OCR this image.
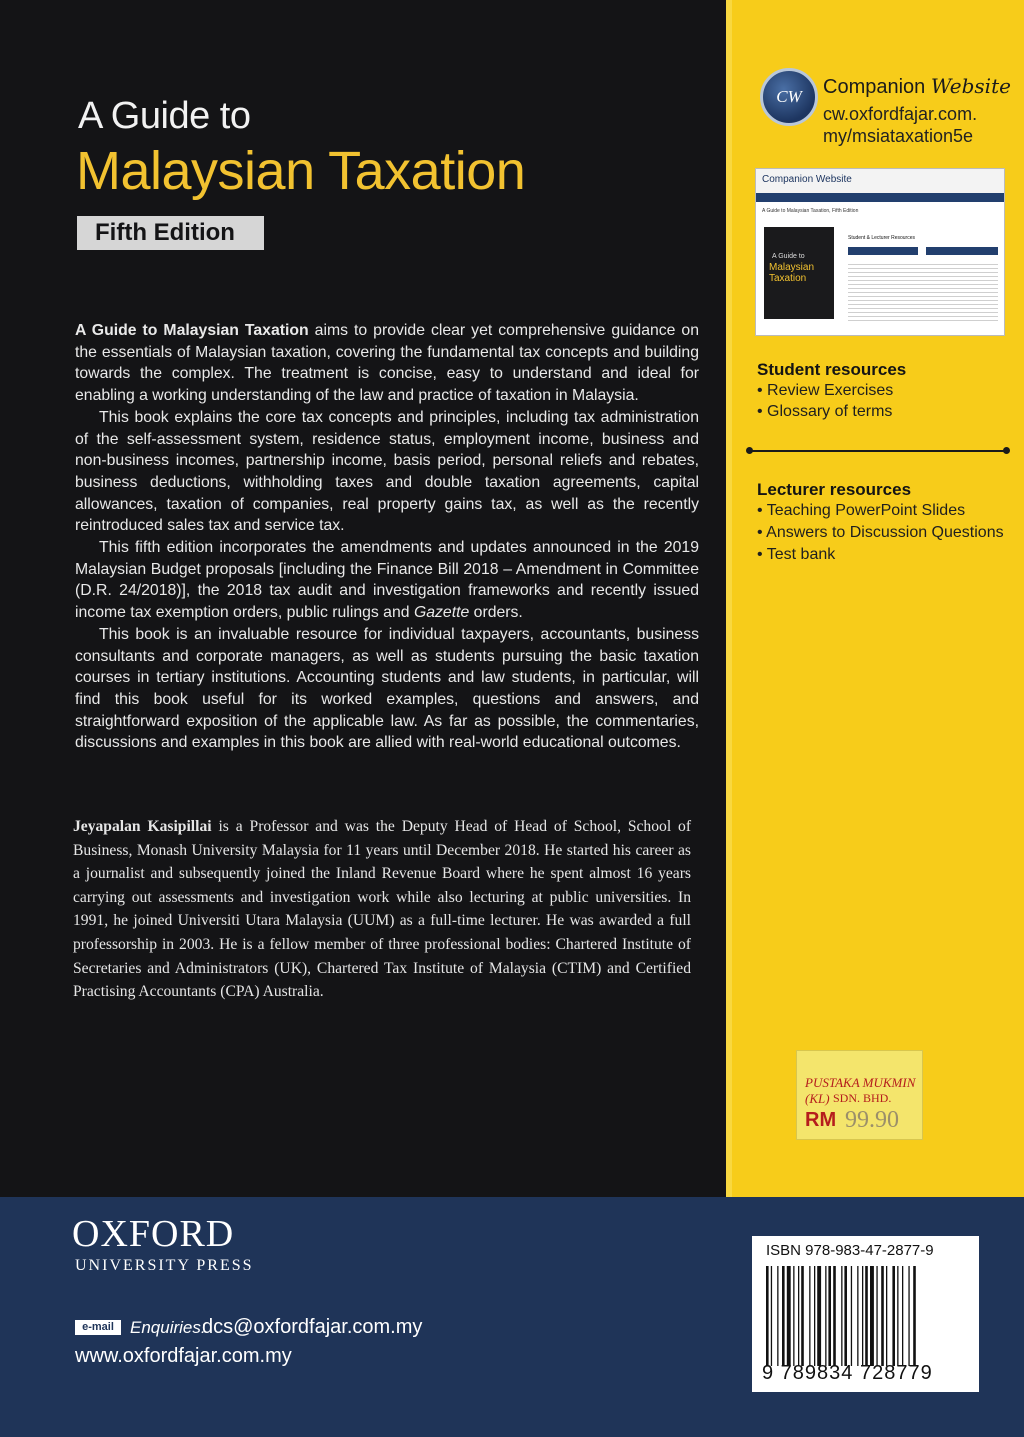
A Guide to
Malaysian Taxation
Fifth Edition

A Guide to Malaysian Taxation aims to provide clear yet comprehensive guidance on the essentials of Malaysian taxation, covering the fundamental tax concepts and building towards the complex. The treatment is concise, easy to understand and ideal for enabling a working understanding of the law and practice of taxation in Malaysia.

This book explains the core tax concepts and principles, including tax administration of the self-assessment system, residence status, employment income, business and non-business incomes, partnership income, basis period, personal reliefs and rebates, business deductions, withholding taxes and double taxation agreements, capital allowances, taxation of companies, real property gains tax, as well as the recently reintroduced sales tax and service tax.

This fifth edition incorporates the amendments and updates announced in the 2019 Malaysian Budget proposals [including the Finance Bill 2018 – Amendment in Committee (D.R. 24/2018)], the 2018 tax audit and investigation frameworks and recently issued income tax exemption orders, public rulings and Gazette orders.

This book is an invaluable resource for individual taxpayers, accountants, business consultants and corporate managers, as well as students pursuing the basic taxation courses in tertiary institutions. Accounting students and law students, in particular, will find this book useful for its worked examples, questions and answers, and straightforward exposition of the applicable law. As far as possible, the commentaries, discussions and examples in this book are allied with real-world educational outcomes.

Jeyapalan Kasipillai is a Professor and was the Deputy Head of Head of School, School of Business, Monash University Malaysia for 11 years until December 2018. He started his career as a journalist and subsequently joined the Inland Revenue Board where he spent almost 16 years carrying out assessments and investigation work while also lecturing at public universities. In 1991, he joined Universiti Utara Malaysia (UUM) as a full-time lecturer. He was awarded a full professorship in 2003. He is a fellow member of three professional bodies: Chartered Institute of Secretaries and Administrators (UK), Chartered Tax Institute of Malaysia (CTIM) and Certified Practising Accountants (CPA) Australia.
CW	Companion Website
cw.oxfordfajar.com.
my/msiataxation5e
Companion Website
A Guide to Malaysian Taxation, Fifth Edition
A Guide to
Malaysian Taxation
Student & Lecturer Resources
Student resources
• Review Exercises
• Glossary of terms
Lecturer resources
• Teaching PowerPoint Slides
• Answers to Discussion Questions
• Test bank
PUSTAKA MUKMIN (KL) SDN. BHD.
RM 99.90
OXFORD
UNIVERSITY PRESS
e-mail Enquiries:
dcs@oxfordfajar.com.my
www.oxfordfajar.com.my
ISBN 978-983-47-2877-9
9 789834 728779
